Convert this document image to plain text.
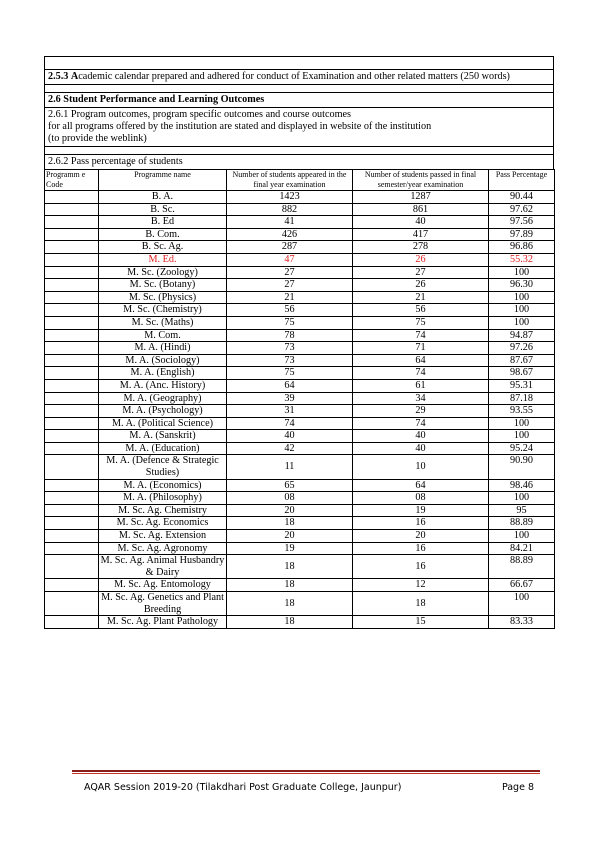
2.5.3 Academic calendar prepared and adhered for conduct of Examination and other related matters (250 words)
2.6 Student Performance and Learning Outcomes
2.6.1 Program outcomes, program specific outcomes and course outcomes
for all programs offered by the institution are stated and displayed in website of the institution
(to provide the weblink)
2.6.2 Pass percentage of students
Programm e Code	Programme name	Number of students appeared in the final year examination	Number of students passed in final semester/year examination	Pass Percentage
	B. A.	1423	1287	90.44
	B. Sc.	882	861	97.62
	B. Ed	41	40	97.56
	B. Com.	426	417	97.89
	B. Sc. Ag.	287	278	96.86
	M. Ed.	47	26	55.32
	M. Sc. (Zoology)	27	27	100
	M. Sc. (Botany)	27	26	96.30
	M. Sc. (Physics)	21	21	100
	M. Sc. (Chemistry)	56	56	100
	M. Sc. (Maths)	75	75	100
	M. Com.	78	74	94.87
	M. A. (Hindi)	73	71	97.26
	M. A. (Sociology)	73	64	87.67
	M. A. (English)	75	74	98.67
	M. A. (Anc. History)	64	61	95.31
	M. A. (Geography)	39	34	87.18
	M. A. (Psychology)	31	29	93.55
	M. A. (Political Science)	74	74	100
	M. A. (Sanskrit)	40	40	100
	M. A. (Education)	42	40	95.24
	M. A. (Defence & Strategic Studies)	11	10	90.90
	M. A. (Economics)	65	64	98.46
	M. A. (Philosophy)	08	08	100
	M. Sc. Ag. Chemistry	20	19	95
	M. Sc. Ag. Economics	18	16	88.89
	M. Sc. Ag. Extension	20	20	100
	M. Sc. Ag. Agronomy	19	16	84.21
	M. Sc. Ag. Animal Husbandry & Dairy	18	16	88.89
	M. Sc. Ag. Entomology	18	12	66.67
	M. Sc. Ag. Genetics and Plant Breeding	18	18	100
	M. Sc. Ag. Plant Pathology	18	15	83.33
AQAR Session 2019-20 (Tilakdhari Post Graduate College, Jaunpur)	Page 8
